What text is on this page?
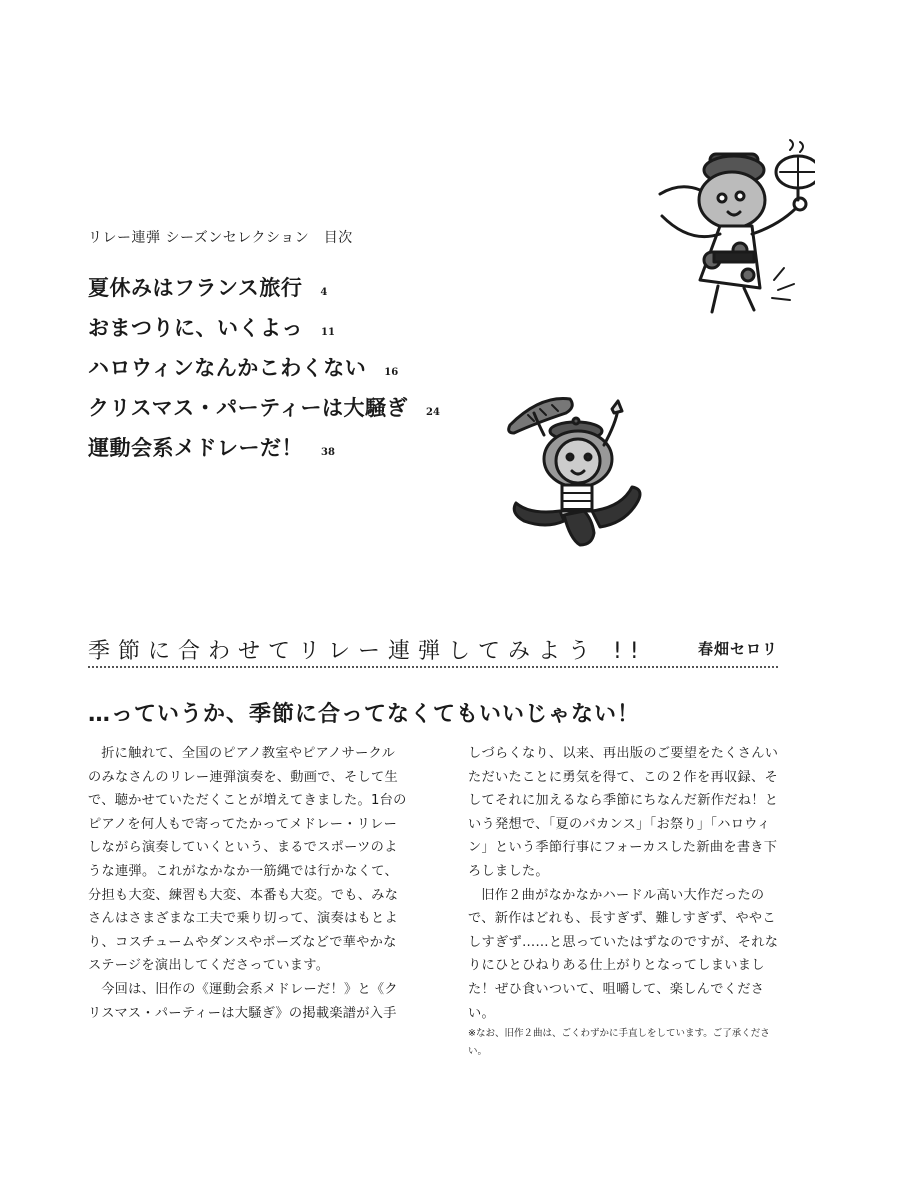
リレー連弾 シーズンセレクション　目次
夏休みはフランス旅行 4
おまつりに、いくよっ 11
ハロウィンなんかこわくない 16
クリスマス・パーティーは大騒ぎ 24
運動会系メドレーだ！ 38
季節に合わせてリレー連弾してみよう !!	春畑セロリ
…っていうか、季節に合ってなくてもいいじゃない！

折に触れて、全国のピアノ教室やピアノサークルのみなさんのリレー連弾演奏を、動画で、そして生で、聴かせていただくことが増えてきました。1台のピアノを何人もで寄ってたかってメドレー・リレーしながら演奏していくという、まるでスポーツのような連弾。これがなかなか一筋縄では行かなくて、分担も大変、練習も大変、本番も大変。でも、みなさんはさまざまな工夫で乗り切って、演奏はもとより、コスチュームやダンスやポーズなどで華やかなステージを演出してくださっています。

今回は、旧作の《運動会系メドレーだ！》と《クリスマス・パーティーは大騒ぎ》の掲載楽譜が入手

しづらくなり、以来、再出版のご要望をたくさんいただいたことに勇気を得て、この２作を再収録、そしてそれに加えるなら季節にちなんだ新作だね！という発想で、「夏のバカンス」「お祭り」「ハロウィン」という季節行事にフォーカスした新曲を書き下ろしました。

旧作２曲がなかなかハードル高い大作だったので、新作はどれも、長すぎず、難しすぎず、ややこしすぎず……と思っていたはずなのですが、それなりにひとひねりある仕上がりとなってしまいました！ぜひ食いついて、咀嚼して、楽しんでください。

※なお、旧作２曲は、ごくわずかに手直しをしています。ご了承ください。
